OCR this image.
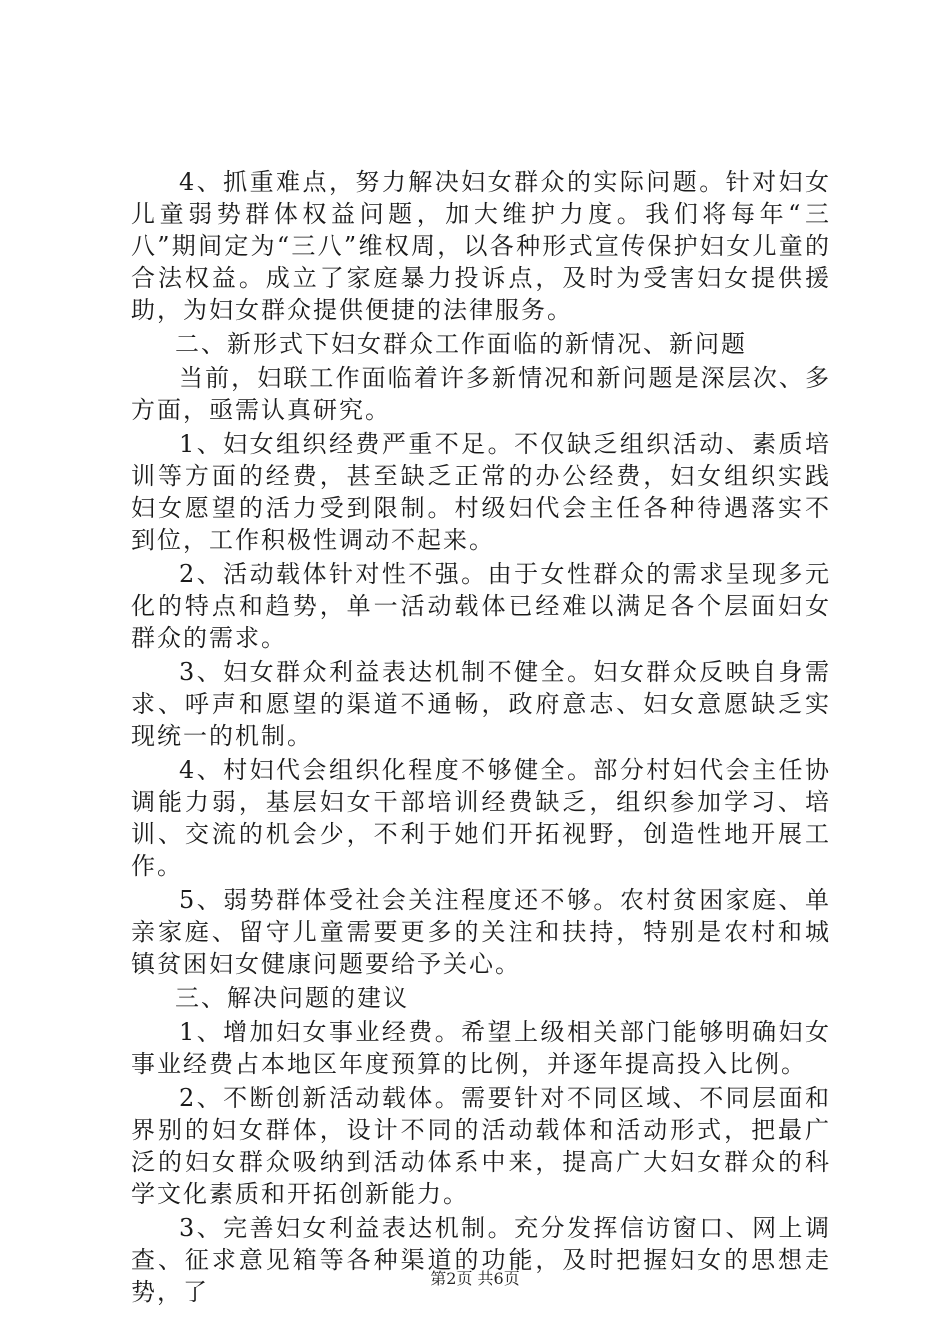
4、抓重难点，努力解决妇女群众的实际问题。针对妇女儿童弱势群体权益问题，加大维护力度。我们将每年“三八”期间定为“三八”维权周，以各种形式宣传保护妇女儿童的合法权益。成立了家庭暴力投诉点，及时为受害妇女提供援助，为妇女群众提供便捷的法律服务。

二、新形式下妇女群众工作面临的新情况、新问题

当前，妇联工作面临着许多新情况和新问题是深层次、多方面，亟需认真研究。

1、妇女组织经费严重不足。不仅缺乏组织活动、素质培训等方面的经费，甚至缺乏正常的办公经费，妇女组织实践妇女愿望的活力受到限制。村级妇代会主任各种待遇落实不到位，工作积极性调动不起来。

2、活动载体针对性不强。由于女性群众的需求呈现多元化的特点和趋势，单一活动载体已经难以满足各个层面妇女群众的需求。

3、妇女群众利益表达机制不健全。妇女群众反映自身需求、呼声和愿望的渠道不通畅，政府意志、妇女意愿缺乏实现统一的机制。

4、村妇代会组织化程度不够健全。部分村妇代会主任协调能力弱，基层妇女干部培训经费缺乏，组织参加学习、培训、交流的机会少，不利于她们开拓视野，创造性地开展工作。

5、弱势群体受社会关注程度还不够。农村贫困家庭、单亲家庭、留守儿童需要更多的关注和扶持，特别是农村和城镇贫困妇女健康问题要给予关心。

三、解决问题的建议

1、增加妇女事业经费。希望上级相关部门能够明确妇女事业经费占本地区年度预算的比例，并逐年提高投入比例。

2、不断创新活动载体。需要针对不同区域、不同层面和界别的妇女群体，设计不同的活动载体和活动形式，把最广泛的妇女群众吸纳到活动体系中来，提高广大妇女群众的科学文化素质和开拓创新能力。

3、完善妇女利益表达机制。充分发挥信访窗口、网上调查、征求意见箱等各种渠道的功能，及时把握妇女的思想走势，了	第2页 共6页
